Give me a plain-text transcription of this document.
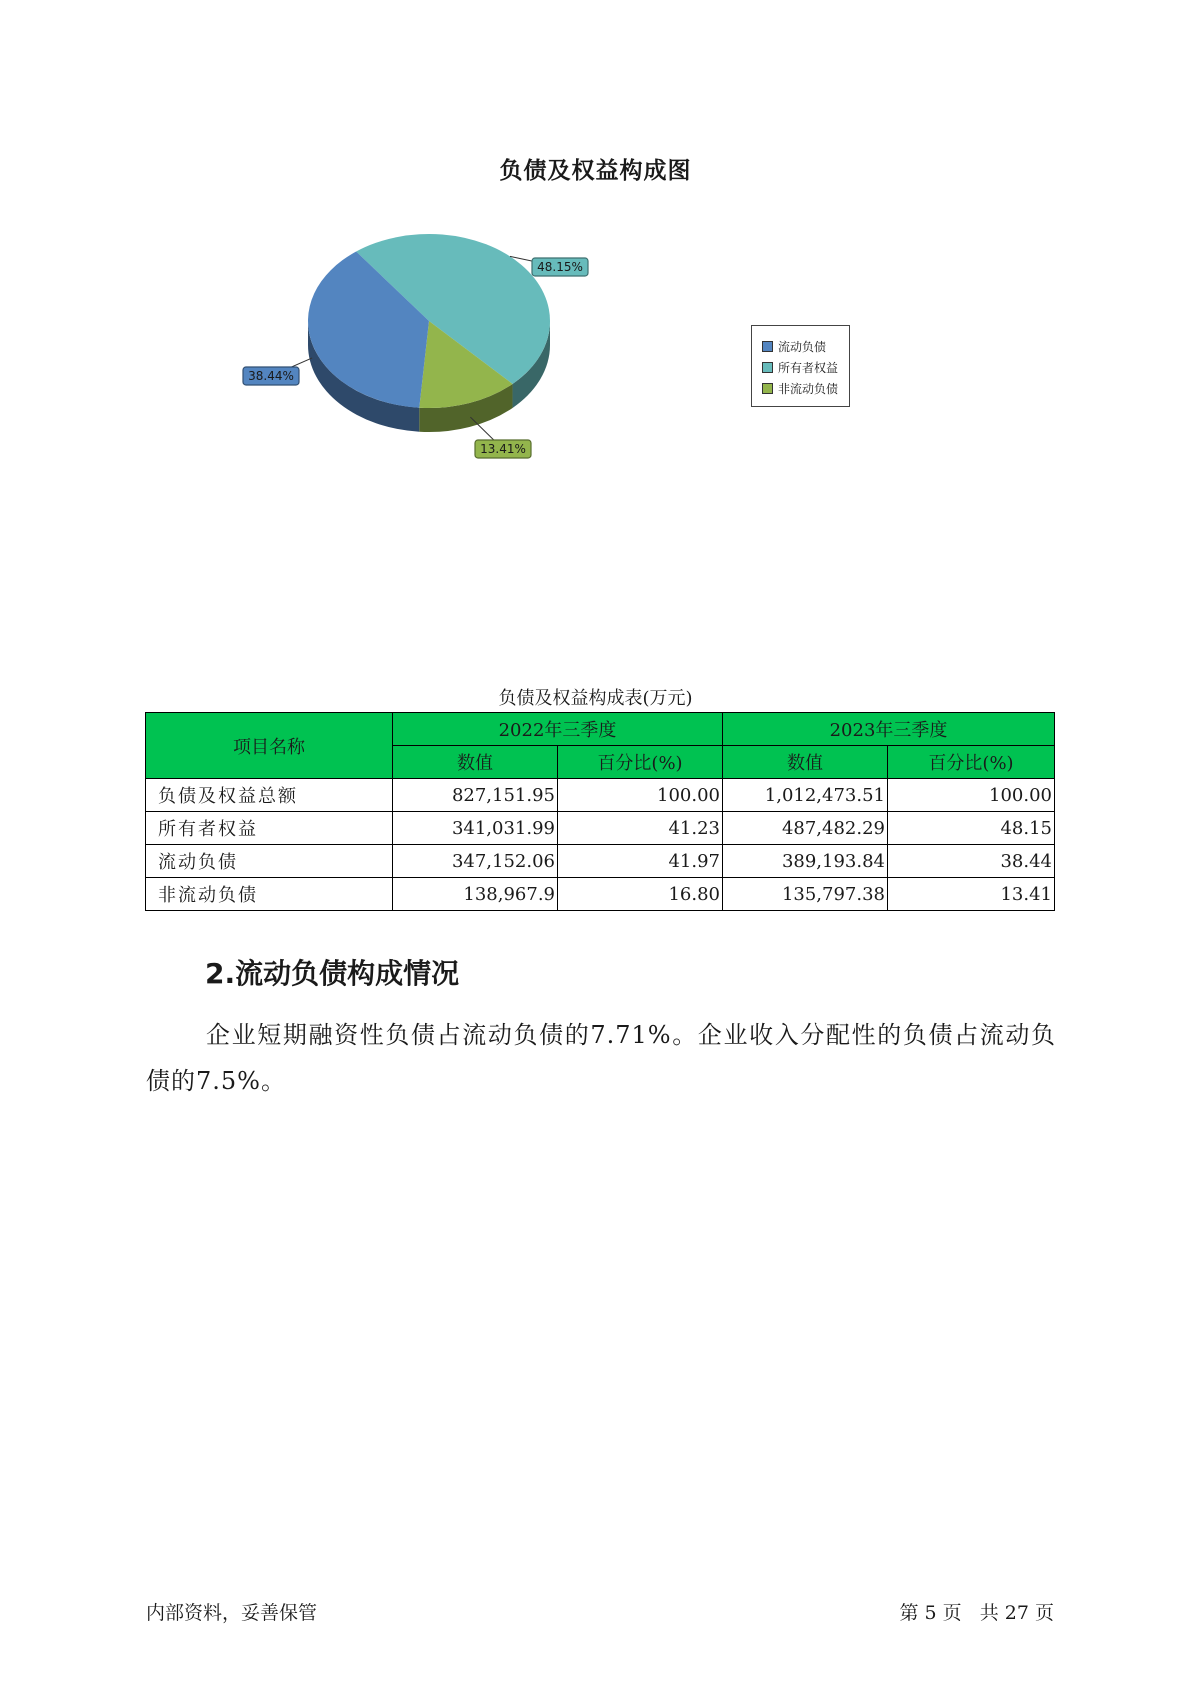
负债及权益构成图
48.15%
13.41%
38.44%
流动负债
所有者权益
非流动负债
负债及权益构成表(万元)
项目名称	2022年三季度		2023年三季度	
	数值	百分比(%)	数值	百分比(%)
负债及权益总额	827,151.95	100.00	1,012,473.51	100.00
所有者权益	341,031.99	41.23	487,482.29	48.15
流动负债	347,152.06	41.97	389,193.84	38.44
非流动负债	138,967.9	16.80	135,797.38	13.41
2.流动负债构成情况
企业短期融资性负债占流动负债的7.71%。企业收入分配性的负债占流动负债的7.5%。
内部资料，妥善保管	第 5 页   共 27 页
